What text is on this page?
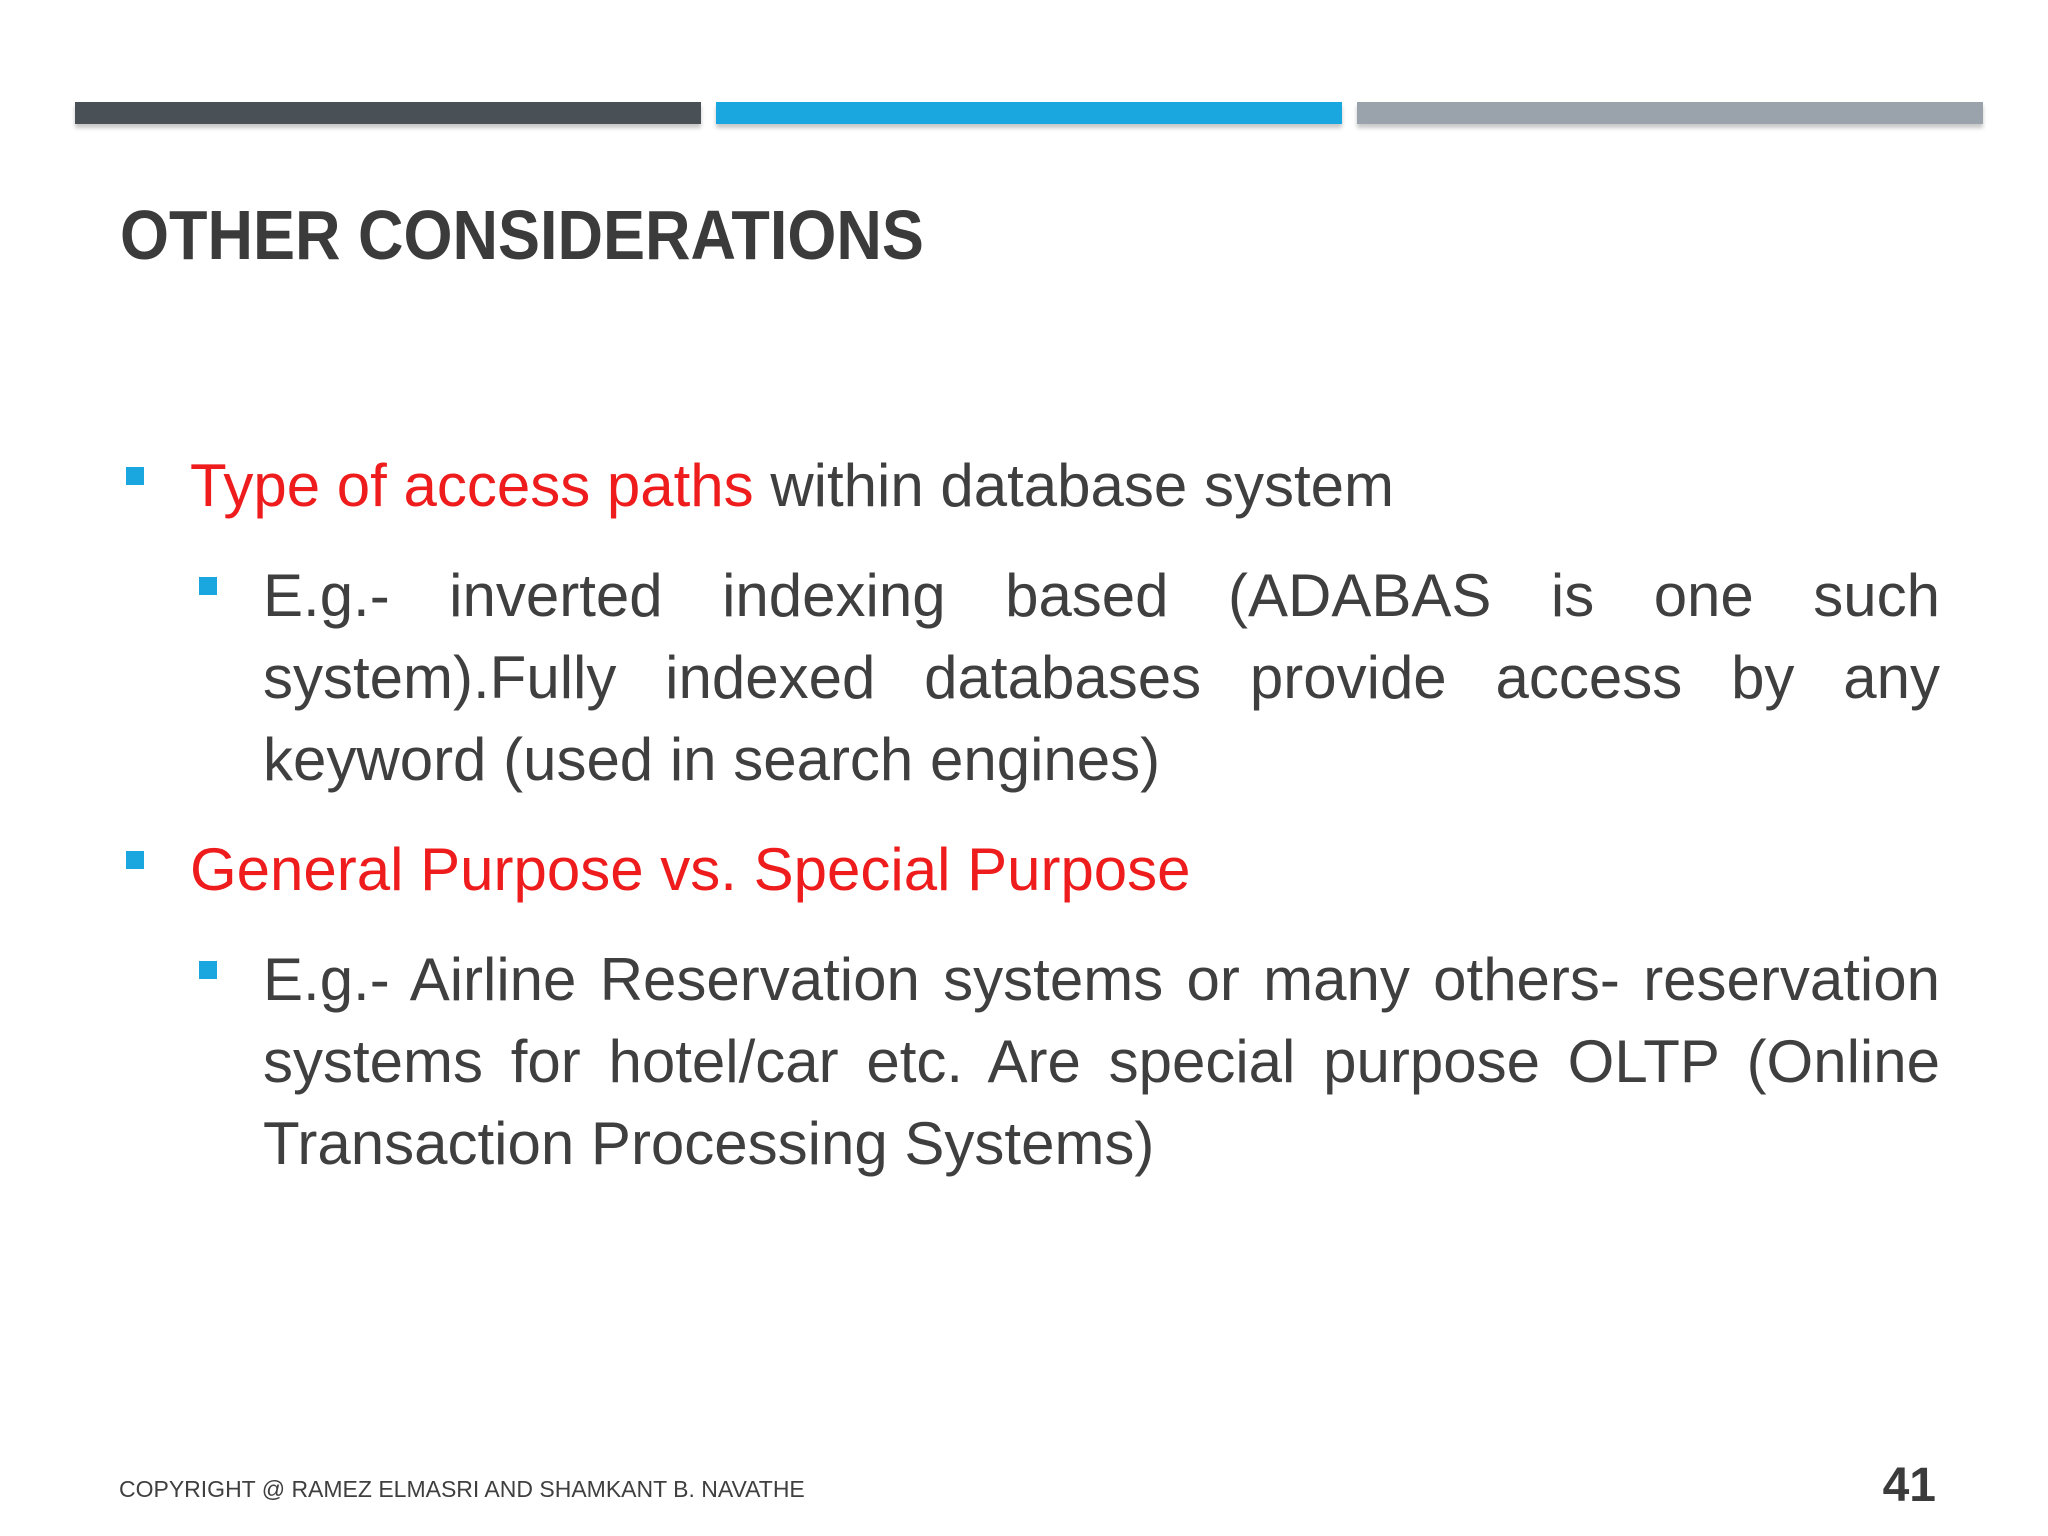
OTHER CONSIDERATIONS
Type of access paths within database system
E.g.- inverted indexing based (ADABAS is one such system).Fully indexed databases provide access by any keyword (used in search engines)
General Purpose vs. Special Purpose
E.g.- Airline Reservation systems or many others- reservation systems for hotel/car etc. Are special purpose OLTP (Online Transaction Processing Systems)
COPYRIGHT @ RAMEZ ELMASRI AND SHAMKANT B. NAVATHE	41
